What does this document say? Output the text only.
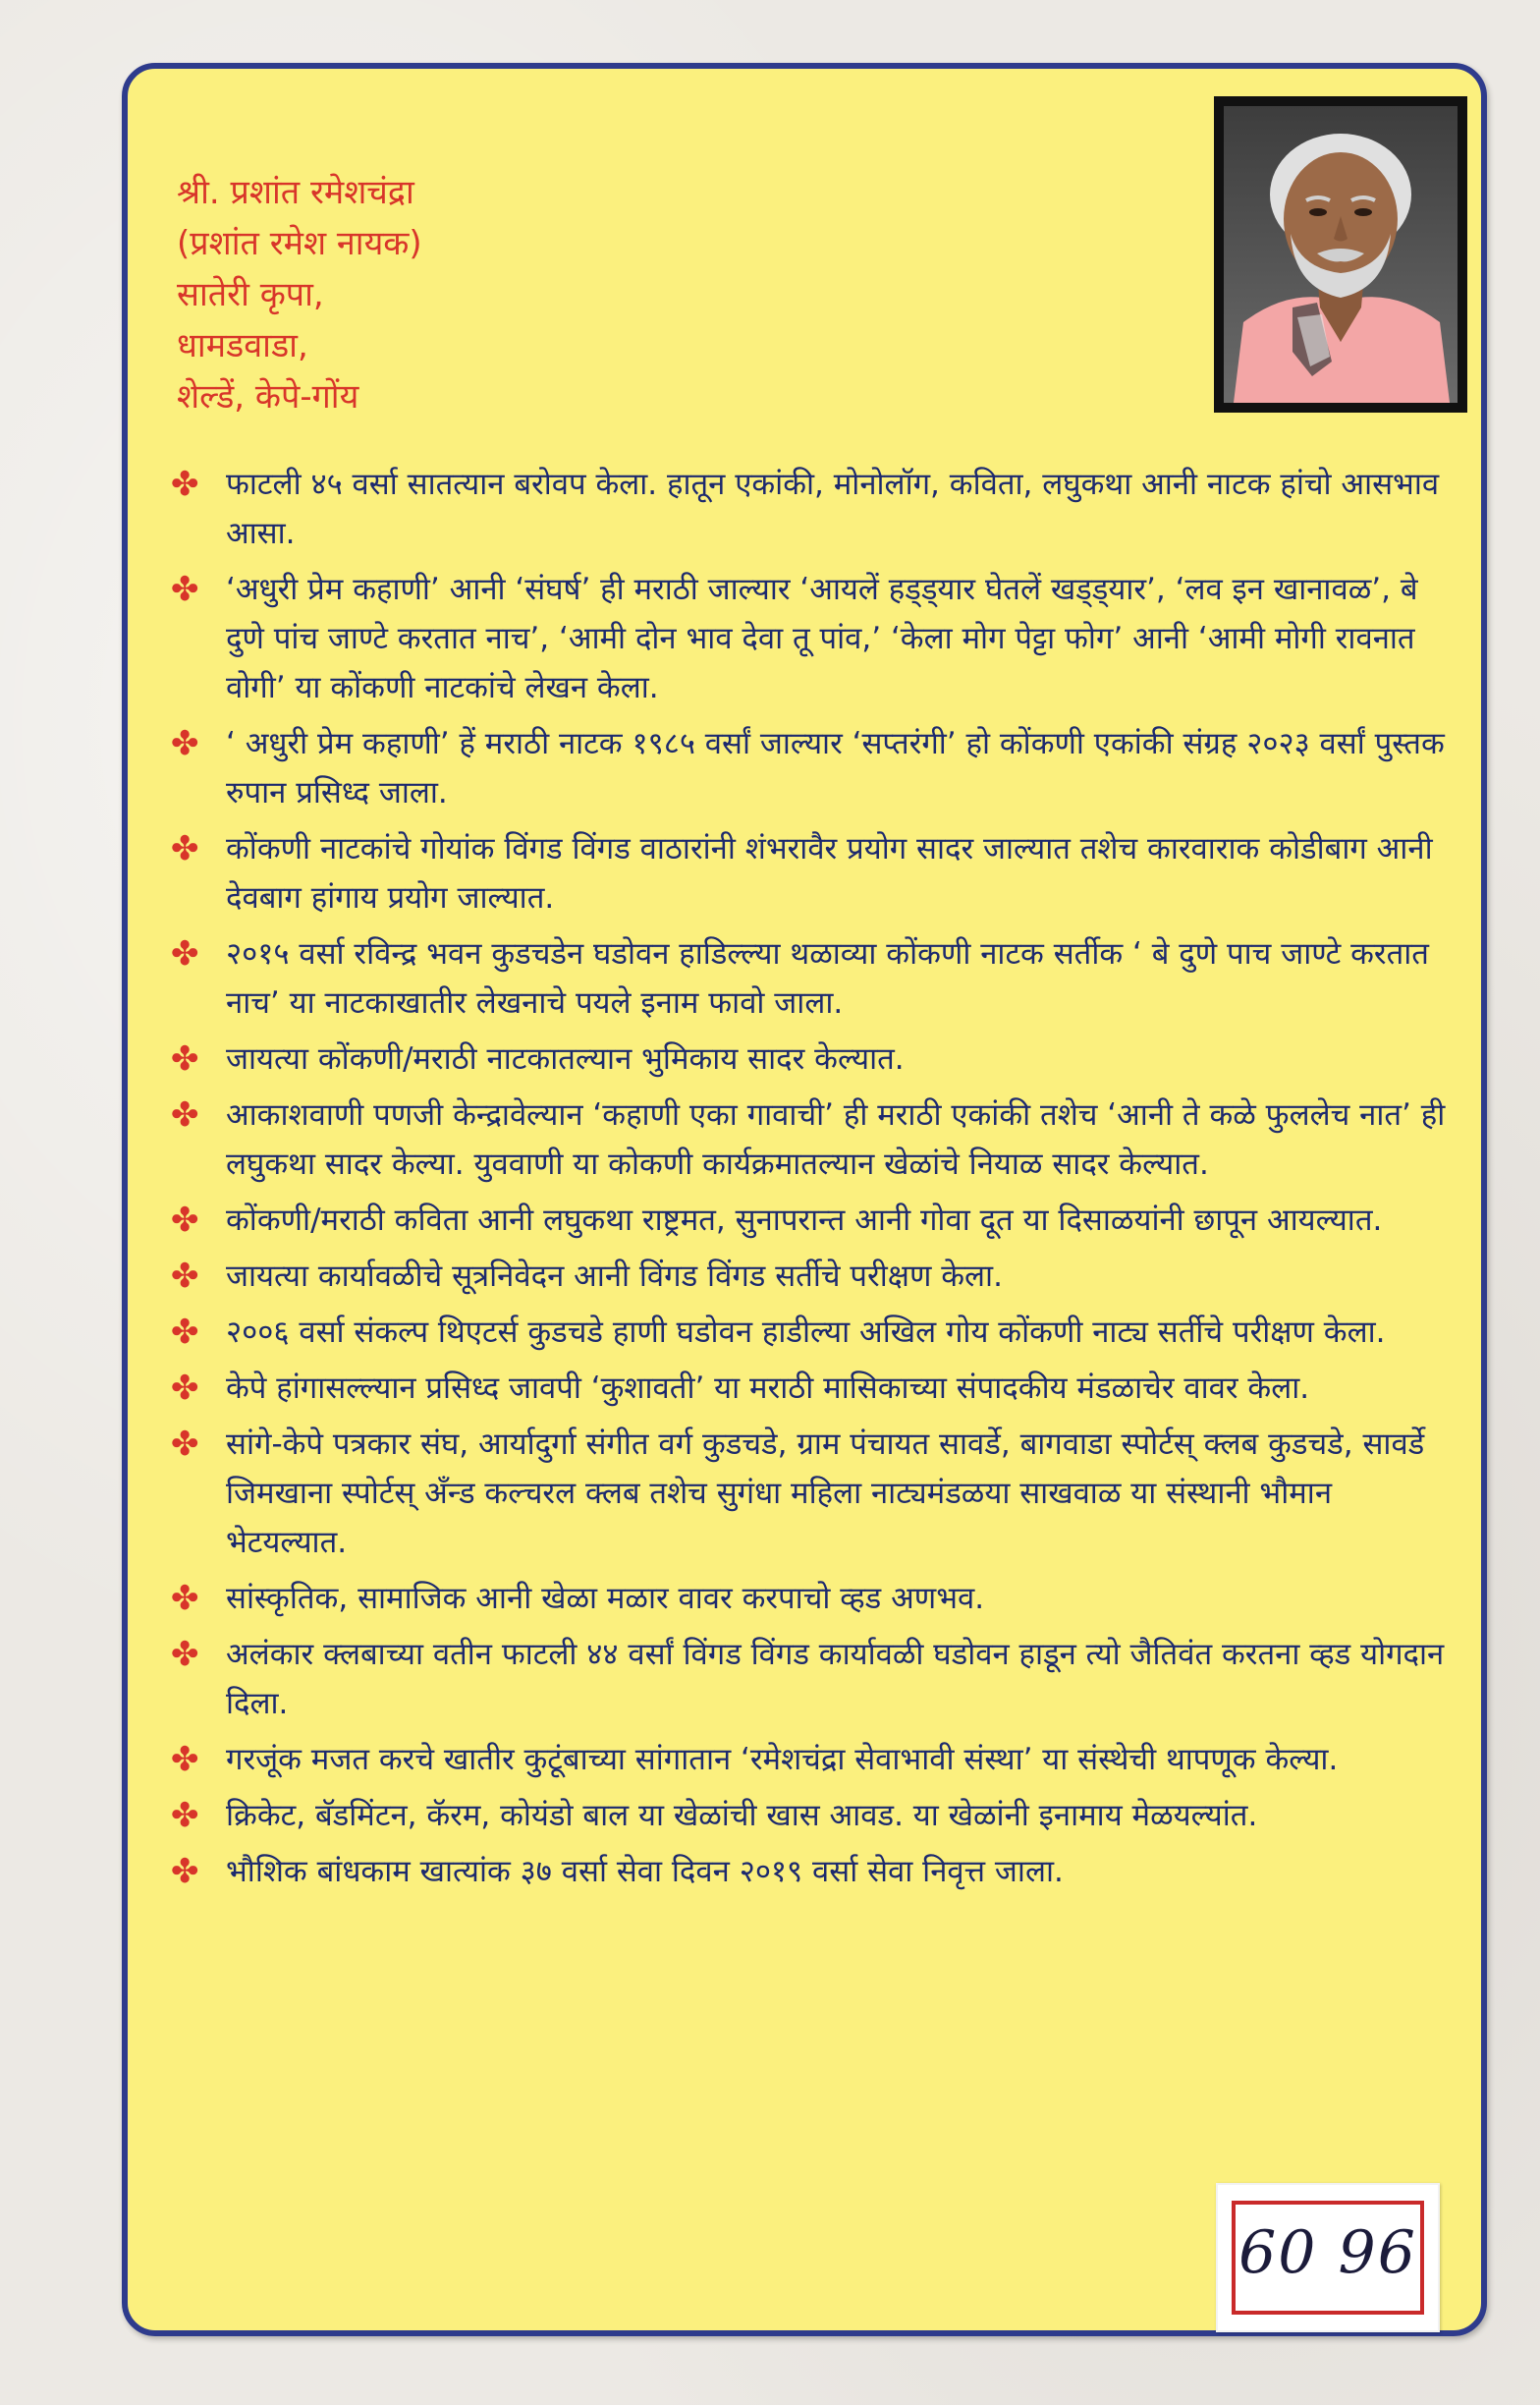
श्री. प्रशांत रमेशचंद्रा
(प्रशांत रमेश नायक)
सातेरी कृपा,
धामडवाडा,
शेल्डें, केपे-गोंय
✤ फाटली ४५ वर्सा सातत्यान बरोवप केला. हातून एकांकी, मोनोलॉग, कविता, लघुकथा आनी नाटक हांचो आसभाव आसा.
✤ ‘अधुरी प्रेम कहाणी’ आनी ‘संघर्ष’ ही मराठी जाल्यार ‘आयलें हड्ड्यार घेतलें खड्ड्यार’, ‘लव इन खानावळ’, बे दुणे पांच जाण्टे करतात नाच’, ‘आमी दोन भाव देवा तू पांव,’ ‘केला मोग पेट्टा फोग’ आनी ‘आमी मोगी रावनात वोगी’ या कोंकणी नाटकांचे लेखन केला.
✤ ‘ अधुरी प्रेम कहाणी’ हें मराठी नाटक १९८५ वर्सां जाल्यार ‘सप्तरंगी’ हो कोंकणी एकांकी संग्रह २०२३ वर्सां पुस्तक रुपान प्रसिध्द जाला.
✤ कोंकणी नाटकांचे गोयांक विंगड विंगड वाठारांनी शंभरावैर प्रयोग सादर जाल्यात तशेच कारवाराक कोडीबाग आनी देवबाग हांगाय प्रयोग जाल्यात.
✤ २०१५ वर्सा रविन्द्र भवन कुडचडेन घडोवन हाडिल्ल्या थळाव्या कोंकणी नाटक सर्तीक ‘ बे दुणे पाच जाण्टे करतात नाच’ या नाटकाखातीर लेखनाचे पयले इनाम फावो जाला.
✤ जायत्या कोंकणी/मराठी नाटकातल्यान भुमिकाय सादर केल्यात.
✤ आकाशवाणी पणजी केन्द्रावेल्यान ‘कहाणी एका गावाची’ ही मराठी एकांकी तशेच ‘आनी ते कळे फुललेच नात’ ही लघुकथा सादर केल्या. युववाणी या कोकणी कार्यक्रमातल्यान खेळांचे नियाळ सादर केल्यात.
✤ कोंकणी/मराठी कविता आनी लघुकथा राष्ट्रमत, सुनापरान्त आनी गोवा दूत या दिसाळयांनी छापून आयल्यात.
✤ जायत्या कार्यावळीचे सूत्रनिवेदन आनी विंगड विंगड सर्तीचे परीक्षण केला.
✤ २००६ वर्सा संकल्प थिएटर्स कुडचडे हाणी घडोवन हाडील्या अखिल गोय कोंकणी नाट्य सर्तीचे परीक्षण केला.
✤ केपे हांगासल्ल्यान प्रसिध्द जावपी ‘कुशावती’ या मराठी मासिकाच्या संपादकीय मंडळाचेर वावर केला.
✤ सांगे-केपे पत्रकार संघ, आर्यादुर्गा संगीत वर्ग कुडचडे, ग्राम पंचायत सावर्डे, बागवाडा स्पोर्टस् क्लब कुडचडे, सावर्डे जिमखाना स्पोर्टस् अँन्ड कल्चरल क्लब तशेच सुगंधा महिला नाट्यमंडळया साखवाळ या संस्थानी भौमान भेटयल्यात.
✤ सांस्कृतिक, सामाजिक आनी खेळा मळार वावर करपाचो व्हड अणभव.
✤ अलंकार क्लबाच्या वतीन फाटली ४४ वर्सां विंगड विंगड कार्यावळी घडोवन हाडून त्यो जैतिवंत करतना व्हड योगदान दिला.
✤ गरजूंक मजत करचे खातीर कुटूंबाच्या सांगातान ‘रमेशचंद्रा सेवाभावी संस्था’ या संस्थेची थापणूक केल्या.
✤ क्रिकेट, बॅडमिंटन, कॅरम, कोयंडो बाल या खेळांची खास आवड. या खेळांनी इनामाय मेळयल्यांत.
✤ भौशिक बांधकाम खात्यांक ३७ वर्सा सेवा दिवन २०१९ वर्सा सेवा निवृत्त जाला.
60 96
